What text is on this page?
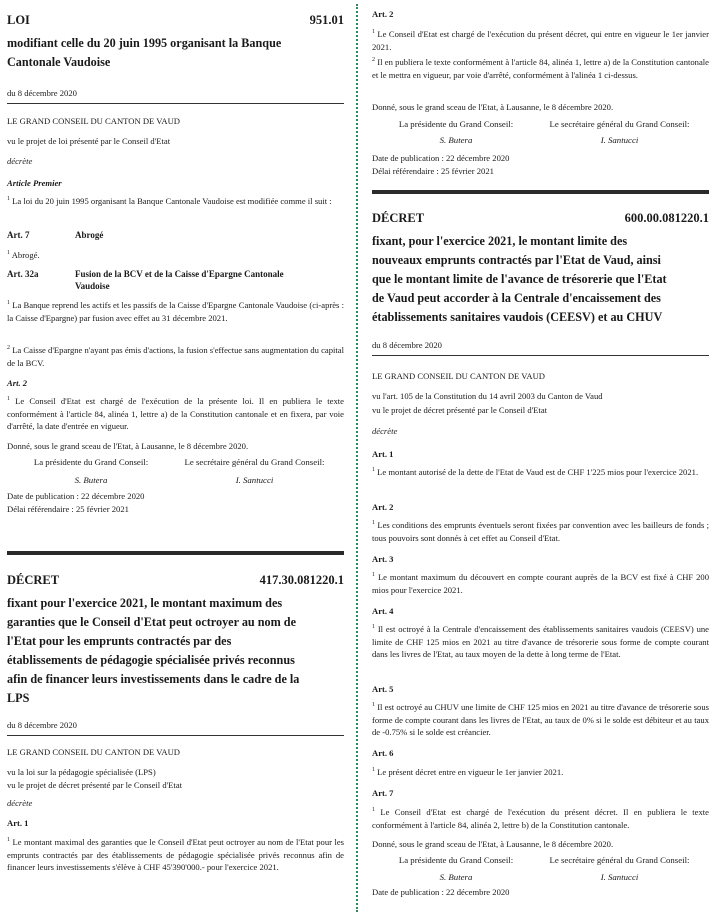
LOI	951.01
modifiant celle du 20 juin 1995 organisant la Banque
Cantonale Vaudoise
du 8 décembre 2020
LE GRAND CONSEIL DU CANTON DE VAUD
vu le projet de loi présenté par le Conseil d'Etat
décrète
Article Premier
$^1$ La loi du 20 juin 1995 organisant la Banque Cantonale Vaudoise est modifiée comme il suit :
Art. 7	Abrogé
$^1$ Abrogé.
Art. 32a	Fusion de la BCV et de la Caisse d'Epargne Cantonale Vaudoise
$^1$ La Banque reprend les actifs et les passifs de la Caisse d'Epargne Cantonale Vaudoise (ci-après : la Caisse d'Epargne) par fusion avec effet au 31 décembre 2021.
$^2$ La Caisse d'Epargne n'ayant pas émis d'actions, la fusion s'effectue sans augmentation du capital de la BCV.
Art. 2
$^1$ Le Conseil d'Etat est chargé de l'exécution de la présente loi. Il en publiera le texte conformément à l'article 84, alinéa 1, lettre a) de la Constitution cantonale et en fixera, par voie d'arrêté, la date d'entrée en vigueur.
Donné, sous le grand sceau de l'Etat, à Lausanne, le 8 décembre 2020.
La présidente du Grand Conseil:	Le secrétaire général du Grand Conseil:
S. Butera	I. Santucci
Date de publication : 22 décembre 2020
Délai référendaire : 25 février 2021
DÉCRET	417.30.081220.1
fixant pour l'exercice 2021, le montant maximum des
garanties que le Conseil d'Etat peut octroyer au nom de
l'Etat pour les emprunts contractés par des
établissements de pédagogie spécialisée privés reconnus
afin de financer leurs investissements dans le cadre de la
LPS
du 8 décembre 2020
LE GRAND CONSEIL DU CANTON DE VAUD
vu la loi sur la pédagogie spécialisée (LPS)
vu le projet de décret présenté par le Conseil d'Etat
décrète
Art. 1
$^1$ Le montant maximal des garanties que le Conseil d'Etat peut octroyer au nom de l'Etat pour les emprunts contractés par des établissements de pédagogie spécialisée privés reconnus afin de financer leurs investissements s'élève à CHF 45'390'000.- pour l'exercice 2021.
Art. 2
$^1$ Le Conseil d'Etat est chargé de l'exécution du présent décret, qui entre en vigueur le 1er janvier 2021.
$^2$ Il en publiera le texte conformément à l'article 84, alinéa 1, lettre a) de la Constitution cantonale et le mettra en vigueur, par voie d'arrêté, conformément à l'alinéa 1 ci-dessus.
Donné, sous le grand sceau de l'Etat, à Lausanne, le 8 décembre 2020.
La présidente du Grand Conseil:	Le secrétaire général du Grand Conseil:
S. Butera	I. Santucci
Date de publication : 22 décembre 2020
Délai référendaire : 25 février 2021
DÉCRET	600.00.081220.1
fixant, pour l'exercice 2021, le montant limite des
nouveaux emprunts contractés par l'Etat de Vaud, ainsi
que le montant limite de l'avance de trésorerie que l'Etat
de Vaud peut accorder à la Centrale d'encaissement des
établissements sanitaires vaudois (CEESV) et au CHUV
du 8 décembre 2020
LE GRAND CONSEIL DU CANTON DE VAUD
vu l'art. 105 de la Constitution du 14 avril 2003 du Canton de Vaud
vu le projet de décret présenté par le Conseil d'Etat
décrète
Art. 1
$^1$ Le montant autorisé de la dette de l'Etat de Vaud est de CHF 1'225 mios pour l'exercice 2021.
Art. 2
$^1$ Les conditions des emprunts éventuels seront fixées par convention avec les bailleurs de fonds ; tous pouvoirs sont donnés à cet effet au Conseil d'Etat.
Art. 3
$^1$ Le montant maximum du découvert en compte courant auprès de la BCV est fixé à CHF 200 mios pour l'exercice 2021.
Art. 4
$^1$ Il est octroyé à la Centrale d'encaissement des établissements sanitaires vaudois (CEESV) une limite de CHF 125 mios en 2021 au titre d'avance de trésorerie sous forme de compte courant dans les livres de l'Etat, au taux moyen de la dette à long terme de l'Etat.
Art. 5
$^1$ Il est octroyé au CHUV une limite de CHF 125 mios en 2021 au titre d'avance de trésorerie sous forme de compte courant dans les livres de l'Etat, au taux de 0% si le solde est débiteur et au taux de -0.75% si le solde est créancier.
Art. 6
$^1$ Le présent décret entre en vigueur le 1er janvier 2021.
Art. 7
$^1$ Le Conseil d'Etat est chargé de l'exécution du présent décret. Il en publiera le texte conformément à l'article 84, alinéa 2, lettre b) de la Constitution cantonale.
Donné, sous le grand sceau de l'Etat, à Lausanne, le 8 décembre 2020.
La présidente du Grand Conseil:	Le secrétaire général du Grand Conseil:
S. Butera	I. Santucci
Date de publication : 22 décembre 2020
